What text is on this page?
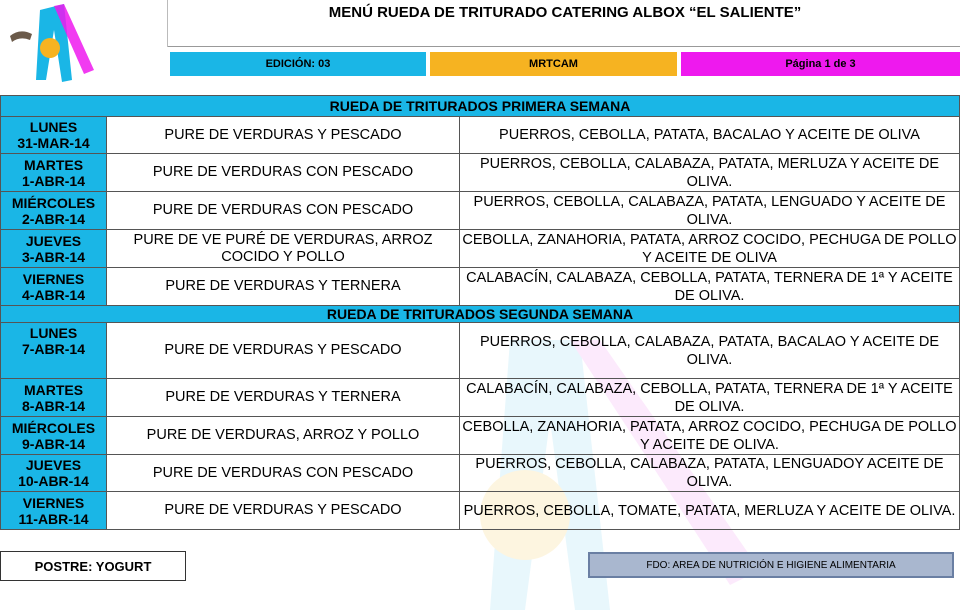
MENÚ RUEDA DE TRITURADO CATERING ALBOX “EL SALIENTE”
EDICIÓN: 03	MRTCAM	Página 1 de 3
RUEDA DE TRITURADOS PRIMERA SEMANA		
LUNES
31-MAR-14	PURE DE VERDURAS Y PESCADO	PUERROS, CEBOLLA, PATATA, BACALAO Y ACEITE DE OLIVA
MARTES
1-ABR-14	PURE DE VERDURAS CON PESCADO	PUERROS, CEBOLLA, CALABAZA, PATATA, MERLUZA Y ACEITE DE OLIVA.
MIÉRCOLES
2-ABR-14	PURE DE VERDURAS CON PESCADO	PUERROS, CEBOLLA, CALABAZA, PATATA, LENGUADO Y ACEITE DE OLIVA.
JUEVES
3-ABR-14	PURE DE VE PURÉ DE VERDURAS, ARROZ COCIDO Y POLLO	CEBOLLA, ZANAHORIA, PATATA, ARROZ COCIDO, PECHUGA DE POLLO Y ACEITE DE OLIVA
VIERNES
4-ABR-14	PURE DE VERDURAS Y TERNERA	CALABACÍN, CALABAZA, CEBOLLA, PATATA, TERNERA DE 1ª Y ACEITE DE OLIVA.
RUEDA DE TRITURADOS SEGUNDA SEMANA		
LUNES
7-ABR-14	PURE DE VERDURAS Y PESCADO	PUERROS, CEBOLLA, CALABAZA, PATATA, BACALAO Y ACEITE DE OLIVA.
MARTES
8-ABR-14	PURE DE VERDURAS Y TERNERA	CALABACÍN, CALABAZA, CEBOLLA, PATATA, TERNERA DE 1ª Y ACEITE DE OLIVA.
MIÉRCOLES
9-ABR-14	PURE DE VERDURAS, ARROZ Y POLLO	CEBOLLA, ZANAHORIA, PATATA, ARROZ COCIDO, PECHUGA DE POLLO Y ACEITE DE OLIVA.
JUEVES
10-ABR-14	PURE DE VERDURAS CON PESCADO	PUERROS, CEBOLLA, CALABAZA, PATATA, LENGUADOY ACEITE DE OLIVA.
VIERNES
11-ABR-14	PURE DE VERDURAS Y PESCADO	PUERROS, CEBOLLA, TOMATE, PATATA, MERLUZA Y ACEITE DE OLIVA.
POSTRE: YOGURT	FDO: AREA DE NUTRICIÓN E HIGIENE ALIMENTARIA
